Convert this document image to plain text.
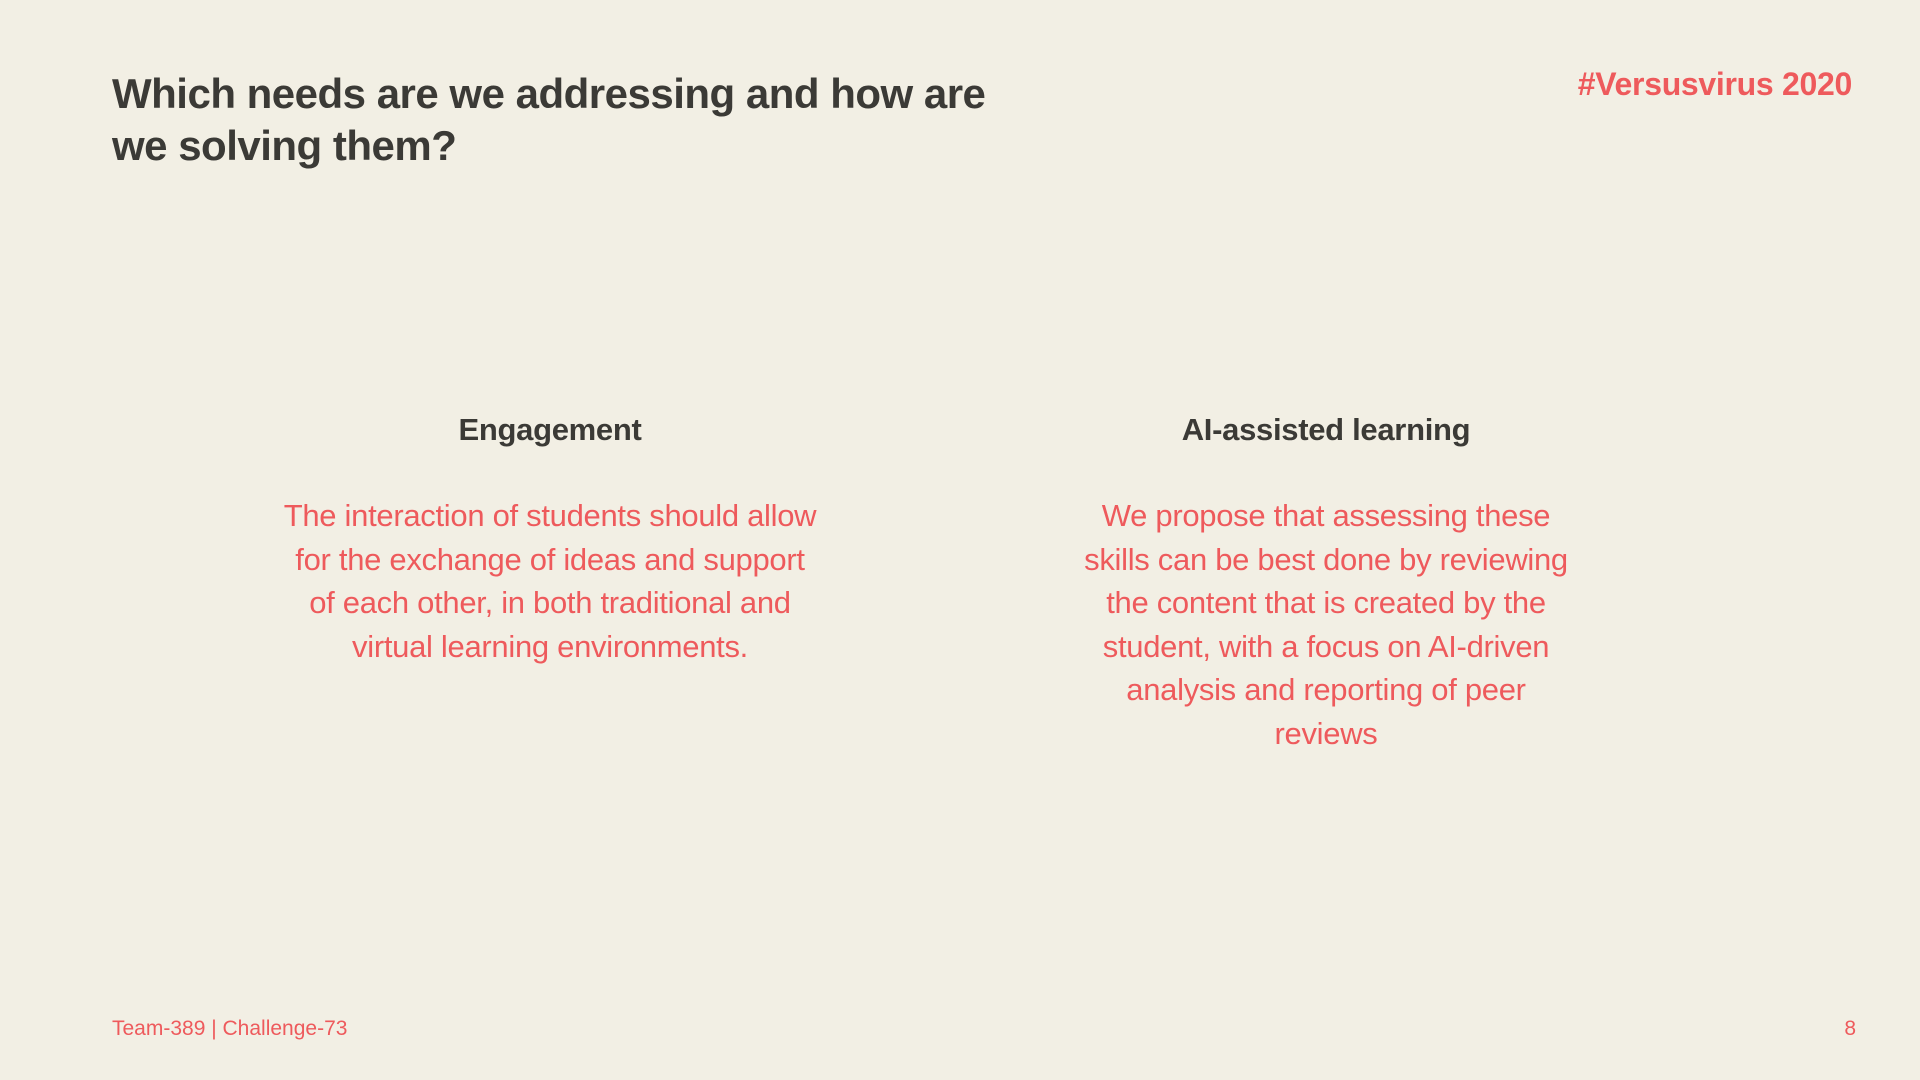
Which needs are we addressing and how are we solving them?
#Versusvirus 2020
Engagement

The interaction of students should allow for the exchange of ideas and support of each other, in both traditional and virtual learning environments.

AI-assisted learning

We propose that assessing these skills can be best done by reviewing the content that is created by the student, with a focus on AI-driven analysis and reporting of peer reviews

Team-389 | Challenge-73	8
